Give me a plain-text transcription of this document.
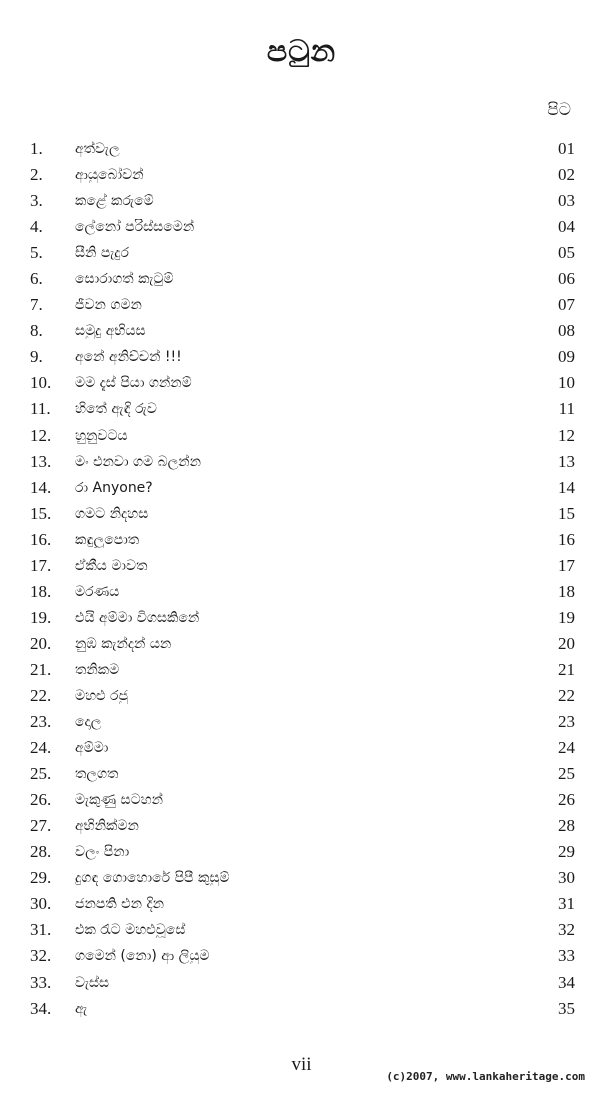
පටුන
පිට
1.	අත්වැල	01
2.	ආයුබෝවන්	02
3.	කළේ කරුමේ	03
4.	ලේනෝ පරිස්සමෙන්	04
5.	සීනි පැදුර	05
6.	සොරාගත් කැටුම්	06
7.	ජීවන ගමන	07
8.	සමුදු අභියස	08
9.	අනේ අනිච්චන් !!!	09
10.	මම දැස් පියා ගන්නම්	10
11.	හිතේ ඇඳි රුව	11
12.	හුනුවටය	12
13.	මං එනවා ගම බලන්න	13
14.	රා Anyone?	14
15.	ගමට නිදහස	15
16.	කඳුලුපොත	16
17.	ඒකීය මාවත	17
18.	මරණය	18
19.	එයි අම්මා විගසකිනේ	19
20.	නුඹ කැන්දන් යන	20
21.	තනිකම	21
22.	මහළු රජු	22
23.	දොල	23
24.	අම්මා	24
25.	තලගත	25
26.	මැකුණු සටහන්	26
27.	අභිනික්මන	28
28.	වලං පිනා	29
29.	දුගඳ ගොහොරේ පිපී කුසුම්	30
30.	ජනපති එන දින	31
31.	එක රැට මහළුවූසේ	32
32.	ගමෙන් (නො) ආ ලියුම	33
33.	වැස්ස	34
34.	ඇ	35
vii
(c)2007, www.lankaheritage.com
